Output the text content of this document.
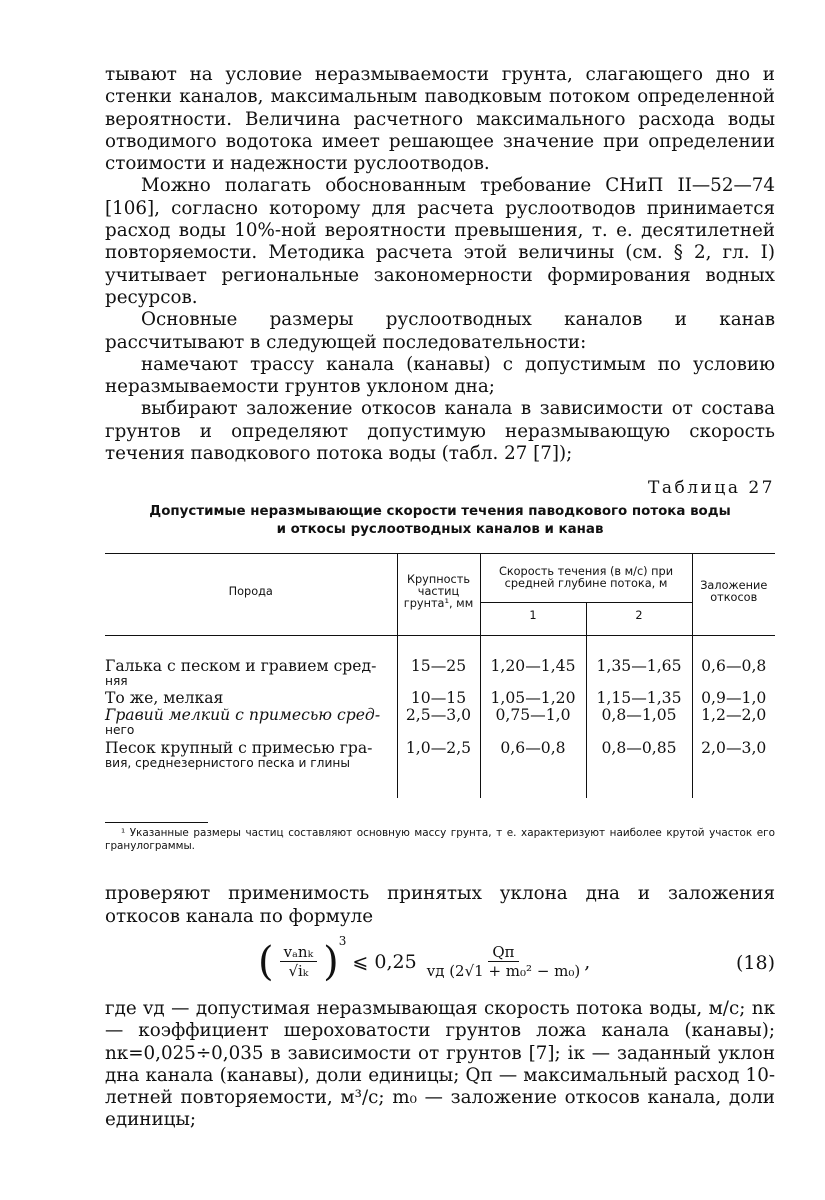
тывают на условие неразмываемости грунта, слагающего дно и стенки каналов, максимальным паводковым потоком определенной вероятности. Величина расчетного максимального расхода воды отводимого водотока имеет решающее значение при определении стоимости и надежности руслоотводов.

Можно полагать обоснованным требование СНиП II—52—74 [106], согласно которому для расчета руслоотводов принимается расход воды 10%-ной вероятности превышения, т. е. десятилетней повторяемости. Методика расчета этой величины (см. § 2, гл. I) учитывает региональные закономерности формирования водных ресурсов.

Основные размеры руслоотводных каналов и канав рассчитывают в следующей последовательности:

намечают трассу канала (канавы) с допустимым по условию неразмываемости грунтов уклоном дна;

выбирают заложение откосов канала в зависимости от состава грунтов и определяют допустимую неразмывающую скорость течения паводкового потока воды (табл. 27 [7]);

Таблица 27
Допустимые неразмывающие скорости течения паводкового потока воды
и откосы руслоотводных каналов и канав
Порода	Крупность частиц грунта¹, мм	Скорость течения (в м/с) при средней глубине потока, м		Заложение откосов
		1	2	

Галька с песком и гравием сред-
няя	15—25	1,20—1,45	1,35—1,65	0,6—0,8

То же, мелкая	10—15	1,05—1,20	1,15—1,35	0,9—1,0

Гравий мелкий с примесью сред-
него	2,5—3,0	0,75—1,0	0,8—1,05	1,2—2,0

Песок крупный с примесью гра-
вия, среднезернистого песка и глины	1,0—2,5	0,6—0,8	0,8—0,85	2,0—3,0
¹ Указанные размеры частиц составляют основную массу грунта, т е. характеризуют наиболее крутой участок его гранулограммы.

проверяют применимость принятых уклона дна и заложения откосов канала по формуле

( $\frac{\text{vₐnₖ}}{\text{√iₖ}} )^3$ ⩽ $0,25 \frac{Qп}{\text{vд (2√1 + m₀² − m₀)}}$ ,	(18)

где vд — допустимая неразмывающая скорость потока воды, м/с; nк — коэффициент шероховатости грунтов ложа канала (канавы); nк=0,025÷0,035 в зависимости от грунтов [7]; iк — заданный уклон дна канала (канавы), доли единицы; Qп — максимальный расход 10-летней повторяемости, м³/с; m₀ — заложение откосов канала, доли единицы;
